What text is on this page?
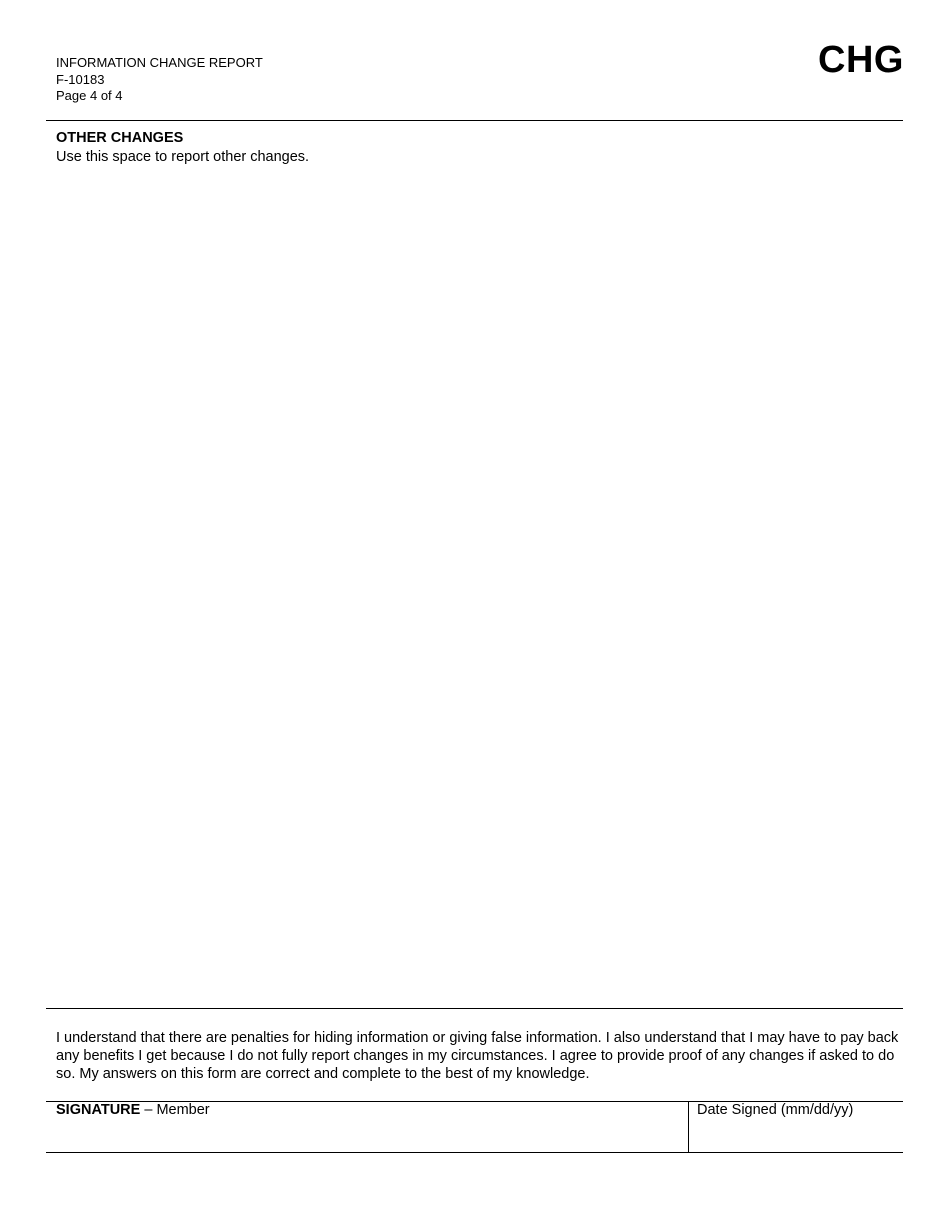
INFORMATION CHANGE REPORT
F-10183
Page 4 of 4
CHG
OTHER CHANGES
Use this space to report other changes.
I understand that there are penalties for hiding information or giving false information. I also understand that I may have to pay back any benefits I get because I do not fully report changes in my circumstances. I agree to provide proof of any changes if asked to do so. My answers on this form are correct and complete to the best of my knowledge.
SIGNATURE – Member	Date Signed (mm/dd/yy)
